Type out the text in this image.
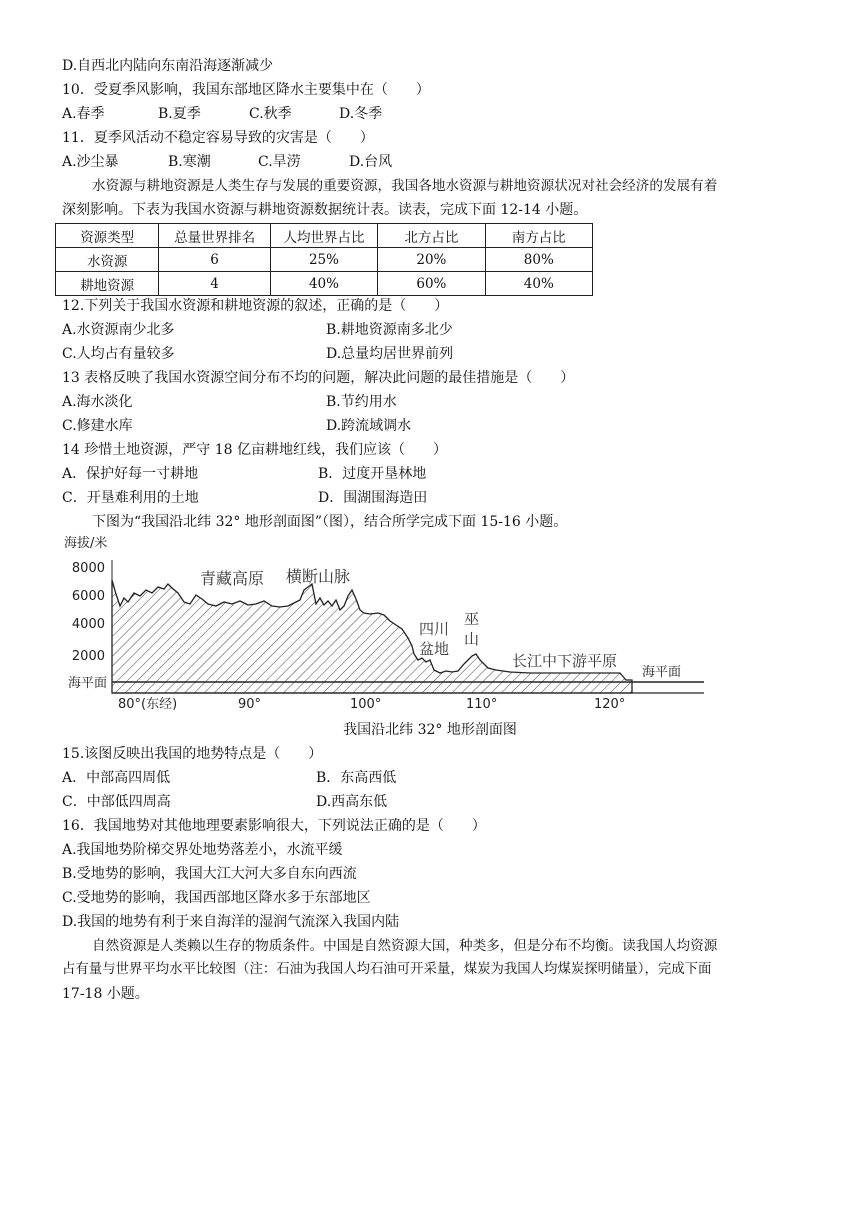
D.自西北内陆向东南沿海逐渐减少
10．受夏季风影响，我国东部地区降水主要集中在（　　）
A.春季	B.夏季	C.秋季	D.冬季
11．夏季风活动不稳定容易导致的灾害是（　　）
A.沙尘暴	B.寒潮	C.旱涝	D.台风
水资源与耕地资源是人类生存与发展的重要资源，我国各地水资源与耕地资源状况对社会经济的发展有着
深刻影响。下表为我国水资源与耕地资源数据统计表。读表，完成下面 12-14 小题。
资源类型	总量世界排名	人均世界占比	北方占比	南方占比
水资源	6	25%	20%	80%
耕地资源	4	40%	60%	40%
12.下列关于我国水资源和耕地资源的叙述，正确的是（　　）
A.水资源南少北多	B.耕地资源南多北少
C.人均占有量较多	D.总量均居世界前列
13 表格反映了我国水资源空间分布不均的问题，解决此问题的最佳措施是（　　）
A.海水淡化	B.节约用水
C.修建水库	D.跨流域调水
14 珍惜土地资源，严守 18 亿亩耕地红线，我们应该（　　）
A．保护好每一寸耕地	B．过度开垦林地
C．开垦难利用的土地	D．围湖围海造田
下图为“我国沿北纬 32° 地形剖面图”（图），结合所学完成下面 15-16 小题。
海拔/米
8000
6000
4000
2000
海平面
海平面
80°(东经)	90°	100°	110°	120°
青藏高原 横断山脉
四川
盆地
巫
山
长江中下游平原
我国沿北纬 32° 地形剖面图
15.该图反映出我国的地势特点是（　　）
A．中部高四周低	B．东高西低
C．中部低四周高	D.西高东低
16．我国地势对其他地理要素影响很大，下列说法正确的是（　　）
A.我国地势阶梯交界处地势落差小，水流平缓
B.受地势的影响，我国大江大河大多自东向西流
C.受地势的影响，我国西部地区降水多于东部地区
D.我国的地势有利于来自海洋的湿润气流深入我国内陆
自然资源是人类赖以生存的物质条件。中国是自然资源大国，种类多，但是分布不均衡。读我国人均资源
占有量与世界平均水平比较图（注：石油为我国人均石油可开采量，煤炭为我国人均煤炭探明储量），完成下面
17-18 小题。
